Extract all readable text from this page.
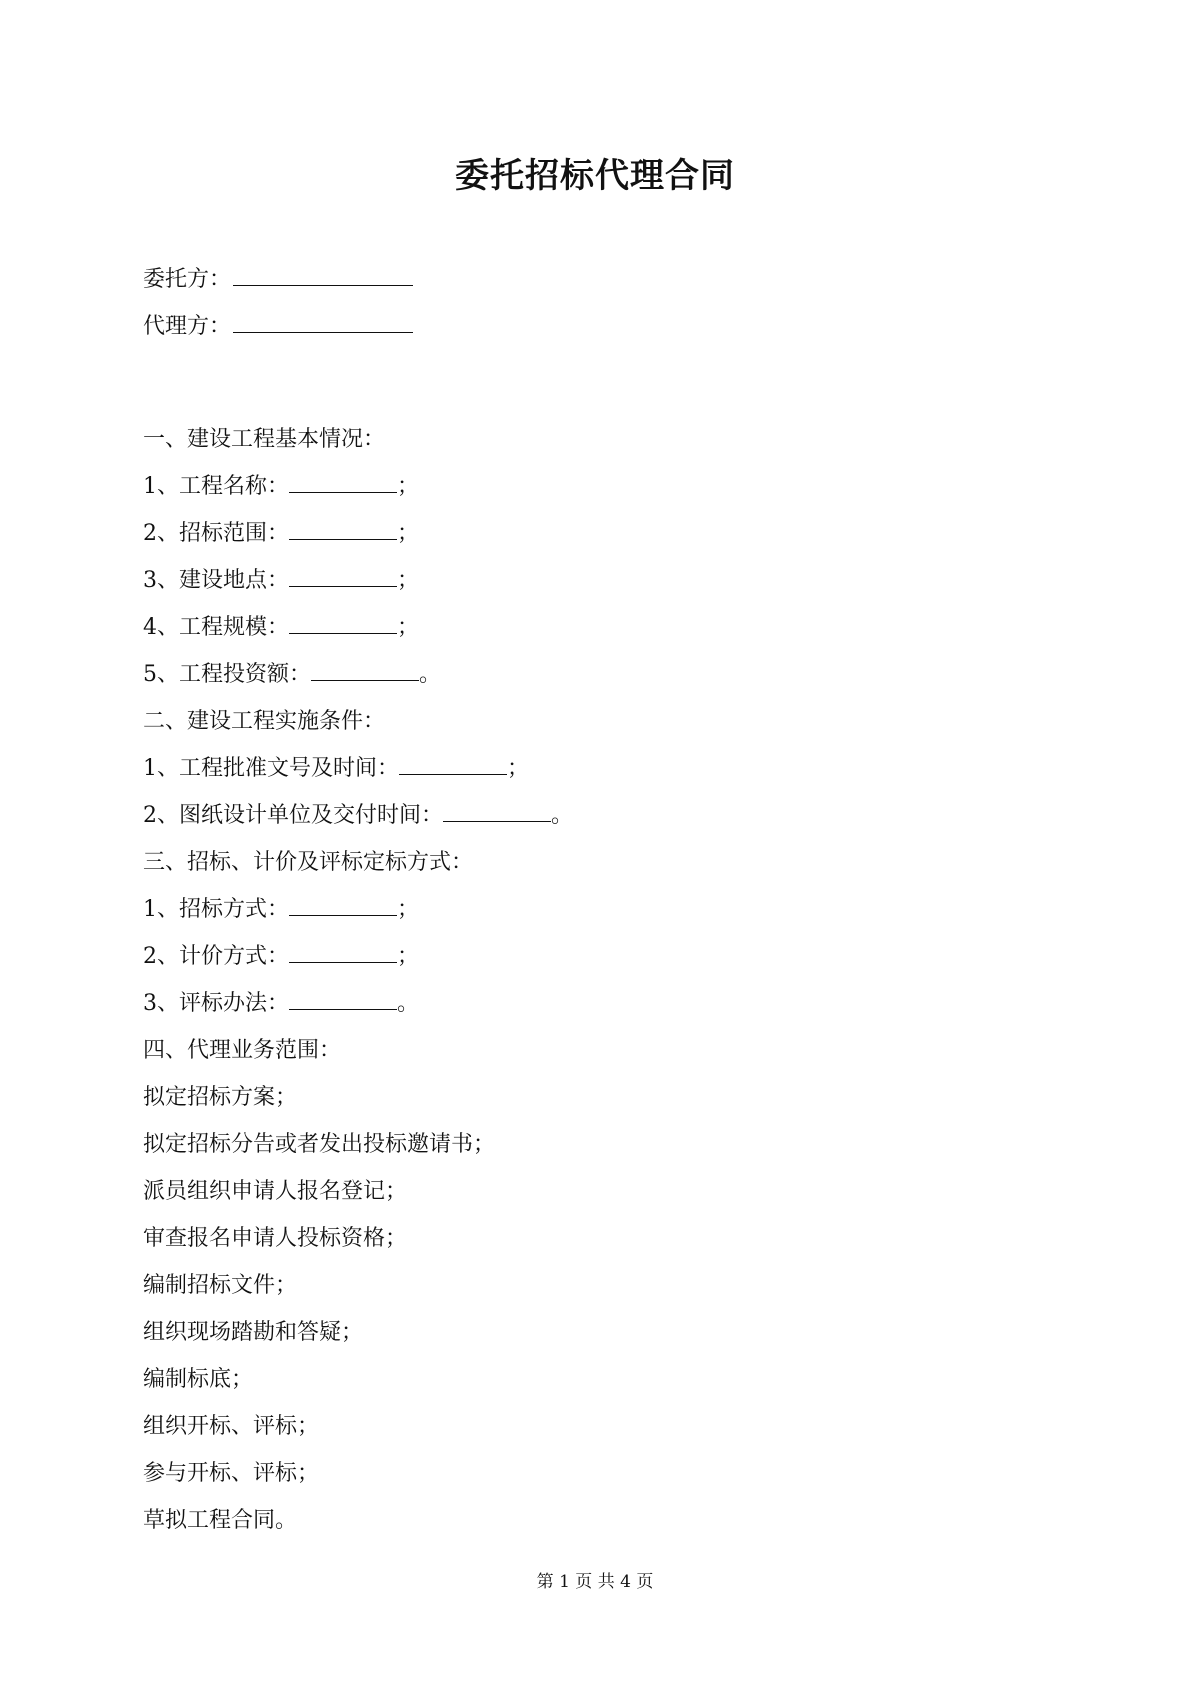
委托招标代理合同
委托方：
代理方：
一、建设工程基本情况：
1、工程名称：	；
2、招标范围：	；
3、建设地点：	；
4、工程规模：	；
5、工程投资额：	。
二、建设工程实施条件：
1、工程批准文号及时间：	；
2、图纸设计单位及交付时间：	。
三、招标、计价及评标定标方式：
1、招标方式：	；
2、计价方式：	；
3、评标办法：	。
四、代理业务范围：
拟定招标方案；
拟定招标分告或者发出投标邀请书；
派员组织申请人报名登记；
审查报名申请人投标资格；
编制招标文件；
组织现场踏勘和答疑；
编制标底；
组织开标、评标；
参与开标、评标；
草拟工程合同。
第 1 页 共 4 页
